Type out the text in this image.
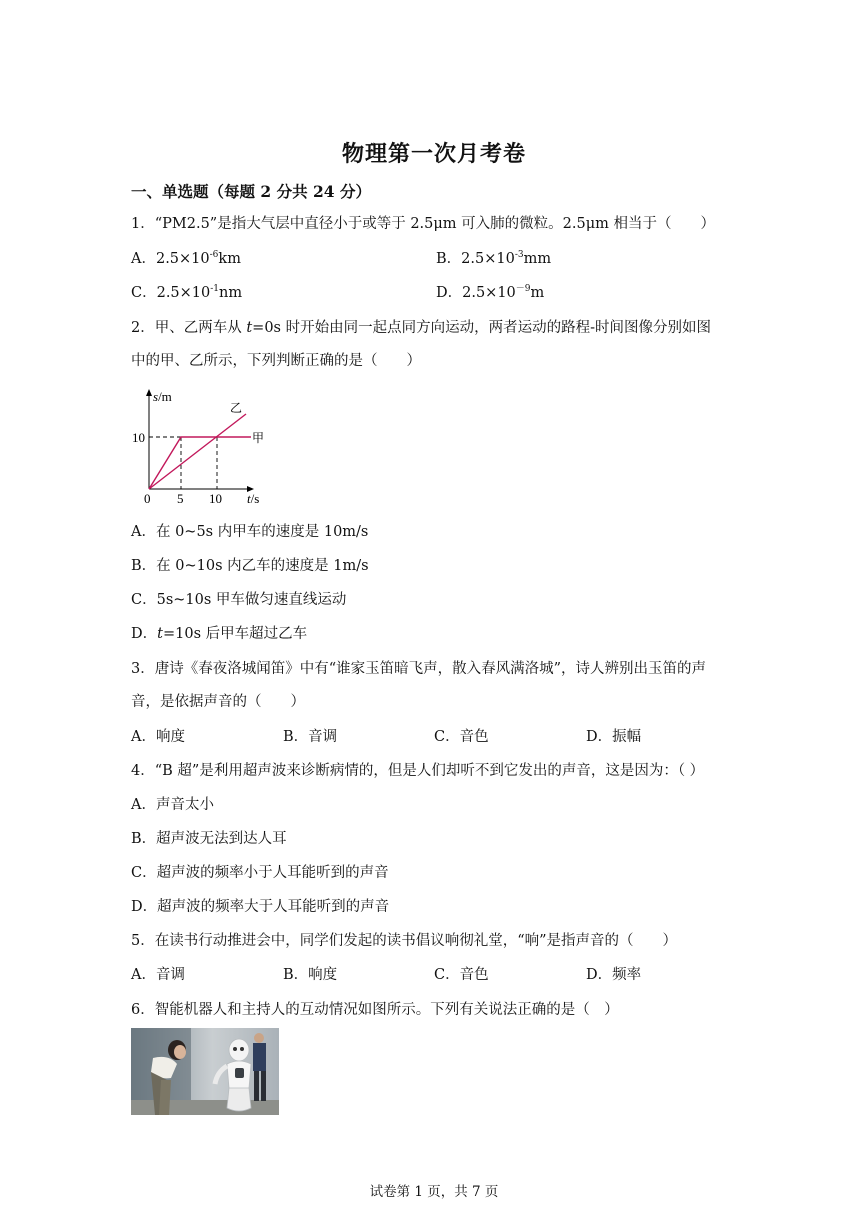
物理第一次月考卷
一、单选题（每题 2 分共 24 分）
1．“PM2.5”是指大气层中直径小于或等于 2.5μm 可入肺的微粒。2.5μm 相当于（　　）
A．$2.5\times 10^{-6}km$	B．$2.5\times 10^{-3}mm$
C．$2.5\times 10^{-1}nm$	D．$2.5\times 10^{-9}m$
2．甲、乙两车从 t=0s 时开始由同一起点同方向运动，两者运动的路程-时间图像分别如图
中的甲、乙所示，下列判断正确的是（　　）
s/m
10
0 5 10 t/s
甲
乙
A．在 0~5s 内甲车的速度是 10m/s
B．在 0~10s 内乙车的速度是 1m/s
C．5s~10s 甲车做匀速直线运动
D．t=10s 后甲车超过乙车
3．唐诗《春夜洛城闻笛》中有“谁家玉笛暗飞声，散入春风满洛城”，诗人辨别出玉笛的声
音，是依据声音的（　　）
A．响度	B．音调	C．音色	D．振幅
4．“B 超”是利用超声波来诊断病情的，但是人们却听不到它发出的声音，这是因为：（ ）
A．声音太小
B．超声波无法到达人耳
C．超声波的频率小于人耳能听到的声音
D．超声波的频率大于人耳能听到的声音
5．在读书行动推进会中，同学们发起的读书倡议响彻礼堂，“响”是指声音的（　　）
A．音调	B．响度	C．音色	D．频率
6．智能机器人和主持人的互动情况如图所示。下列有关说法正确的是（　）
试卷第 1 页，共 7 页
